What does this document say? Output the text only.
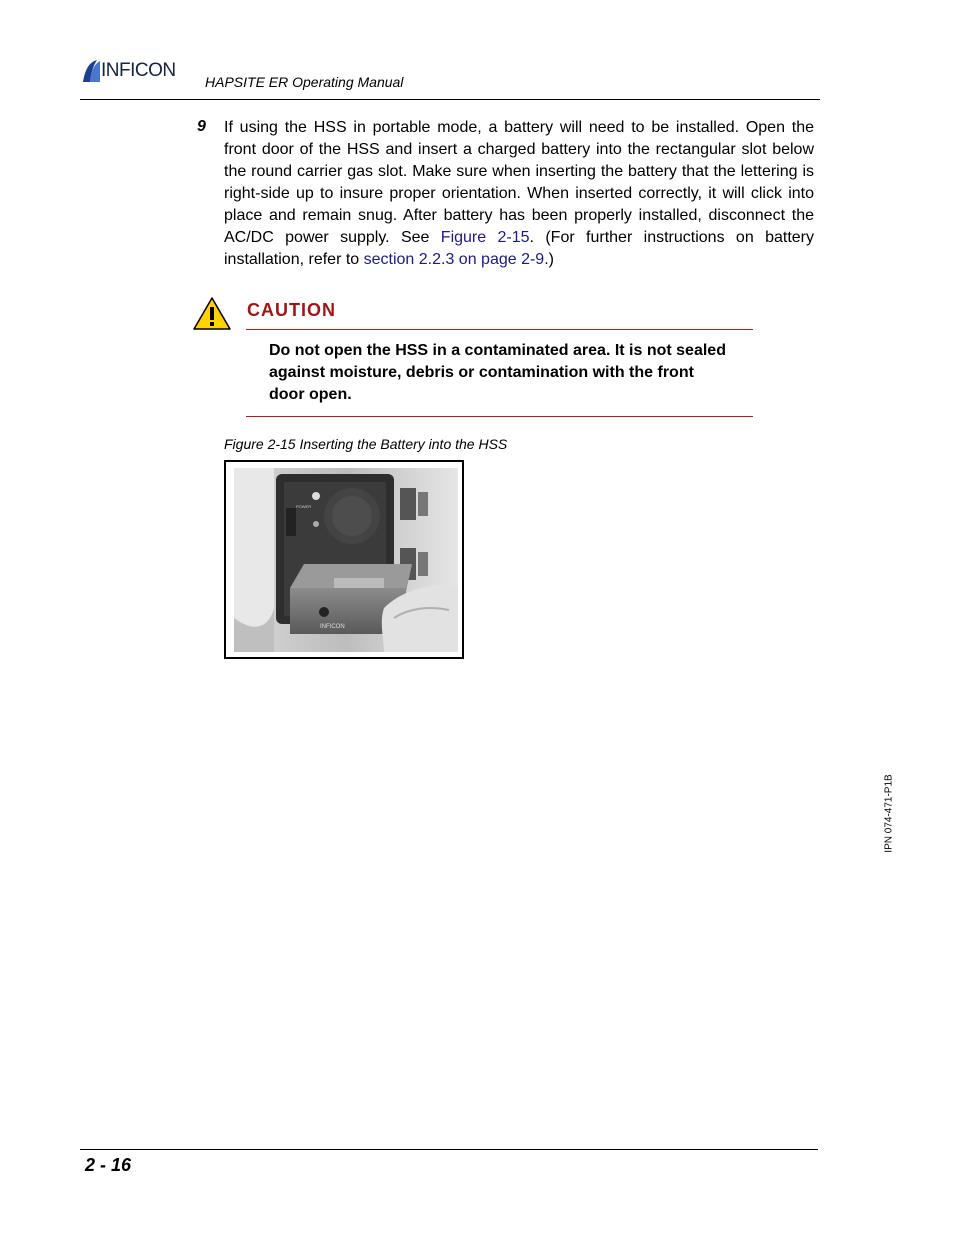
INFICON
HAPSITE ER Operating Manual
9 If using the HSS in portable mode, a battery will need to be installed. Open the front door of the HSS and insert a charged battery into the rectangular slot below the round carrier gas slot. Make sure when inserting the battery that the lettering is right-side up to insure proper orientation. When inserted correctly, it will click into place and remain snug. After battery has been properly installed, disconnect the AC/DC power supply. See Figure 2-15. (For further instructions on battery installation, refer to section 2.2.3 on page 2-9.)
CAUTION
Do not open the HSS in a contaminated area. It is not sealed against moisture, debris or contamination with the front door open.
Figure 2-15 Inserting the Battery into the HSS
POWER
INFICON
IPN 074-471-P1B
2 - 16
